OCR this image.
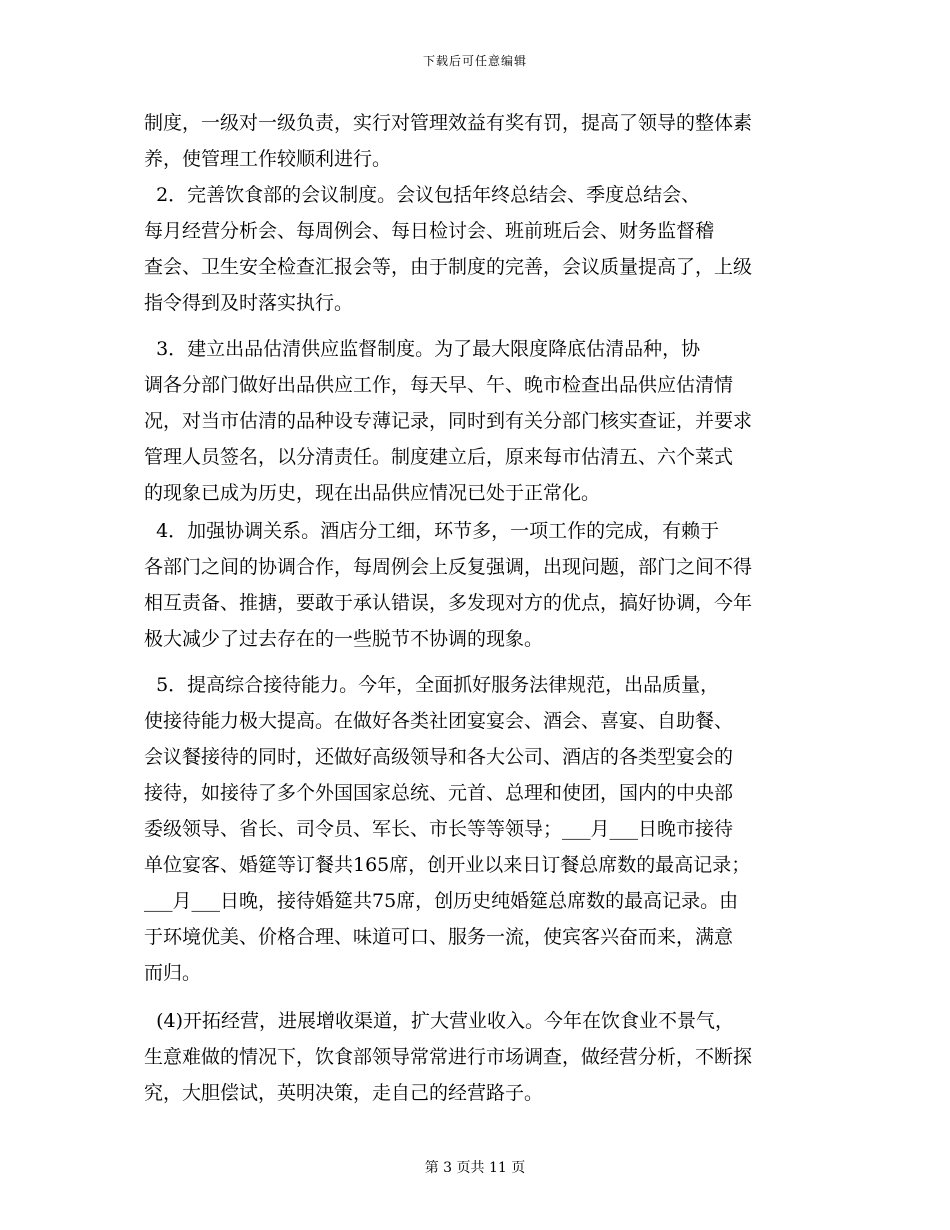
下载后可任意编辑
制度，一级对一级负责，实行对管理效益有奖有罚，提高了领导的整体素
养，使管理工作较顺利进行。
2．完善饮食部的会议制度。会议包括年终总结会、季度总结会、
每月经营分析会、每周例会、每日检讨会、班前班后会、财务监督稽
查会、卫生安全检查汇报会等，由于制度的完善，会议质量提高了，上级
指令得到及时落实执行。
3．建立出品估清供应监督制度。为了最大限度降底估清品种，协
调各分部门做好出品供应工作，每天早、午、晚市检查出品供应估清情
况，对当市估清的品种设专薄记录，同时到有关分部门核实查证，并要求
管理人员签名，以分清责任。制度建立后，原来每市估清五、六个菜式
的现象已成为历史，现在出品供应情况已处于正常化。
4．加强协调关系。酒店分工细，环节多，一项工作的完成，有赖于
各部门之间的协调合作，每周例会上反复强调，出现问题，部门之间不得
相互责备、推搪，要敢于承认错误，多发现对方的优点，搞好协调，今年
极大减少了过去存在的一些脱节不协调的现象。
5．提高综合接待能力。今年，全面抓好服务法律规范，出品质量，
使接待能力极大提高。在做好各类社团宴宴会、酒会、喜宴、自助餐、
会议餐接待的同时，还做好高级领导和各大公司、酒店的各类型宴会的
接待，如接待了多个外国国家总统、元首、总理和使团，国内的中央部
委级领导、省长、司令员、军长、市长等等领导；___月___日晚市接待
单位宴客、婚筵等订餐共165席，创开业以来日订餐总席数的最高记录；
___月___日晚，接待婚筵共75席，创历史纯婚筵总席数的最高记录。由
于环境优美、价格合理、味道可口、服务一流，使宾客兴奋而来，满意
而归。
(4)开拓经营，进展增收渠道，扩大营业收入。今年在饮食业不景气，
生意难做的情况下，饮食部领导常常进行市场调查，做经营分析，不断探
究，大胆偿试，英明决策，走自己的经营路子。
第 3 页共 11 页
